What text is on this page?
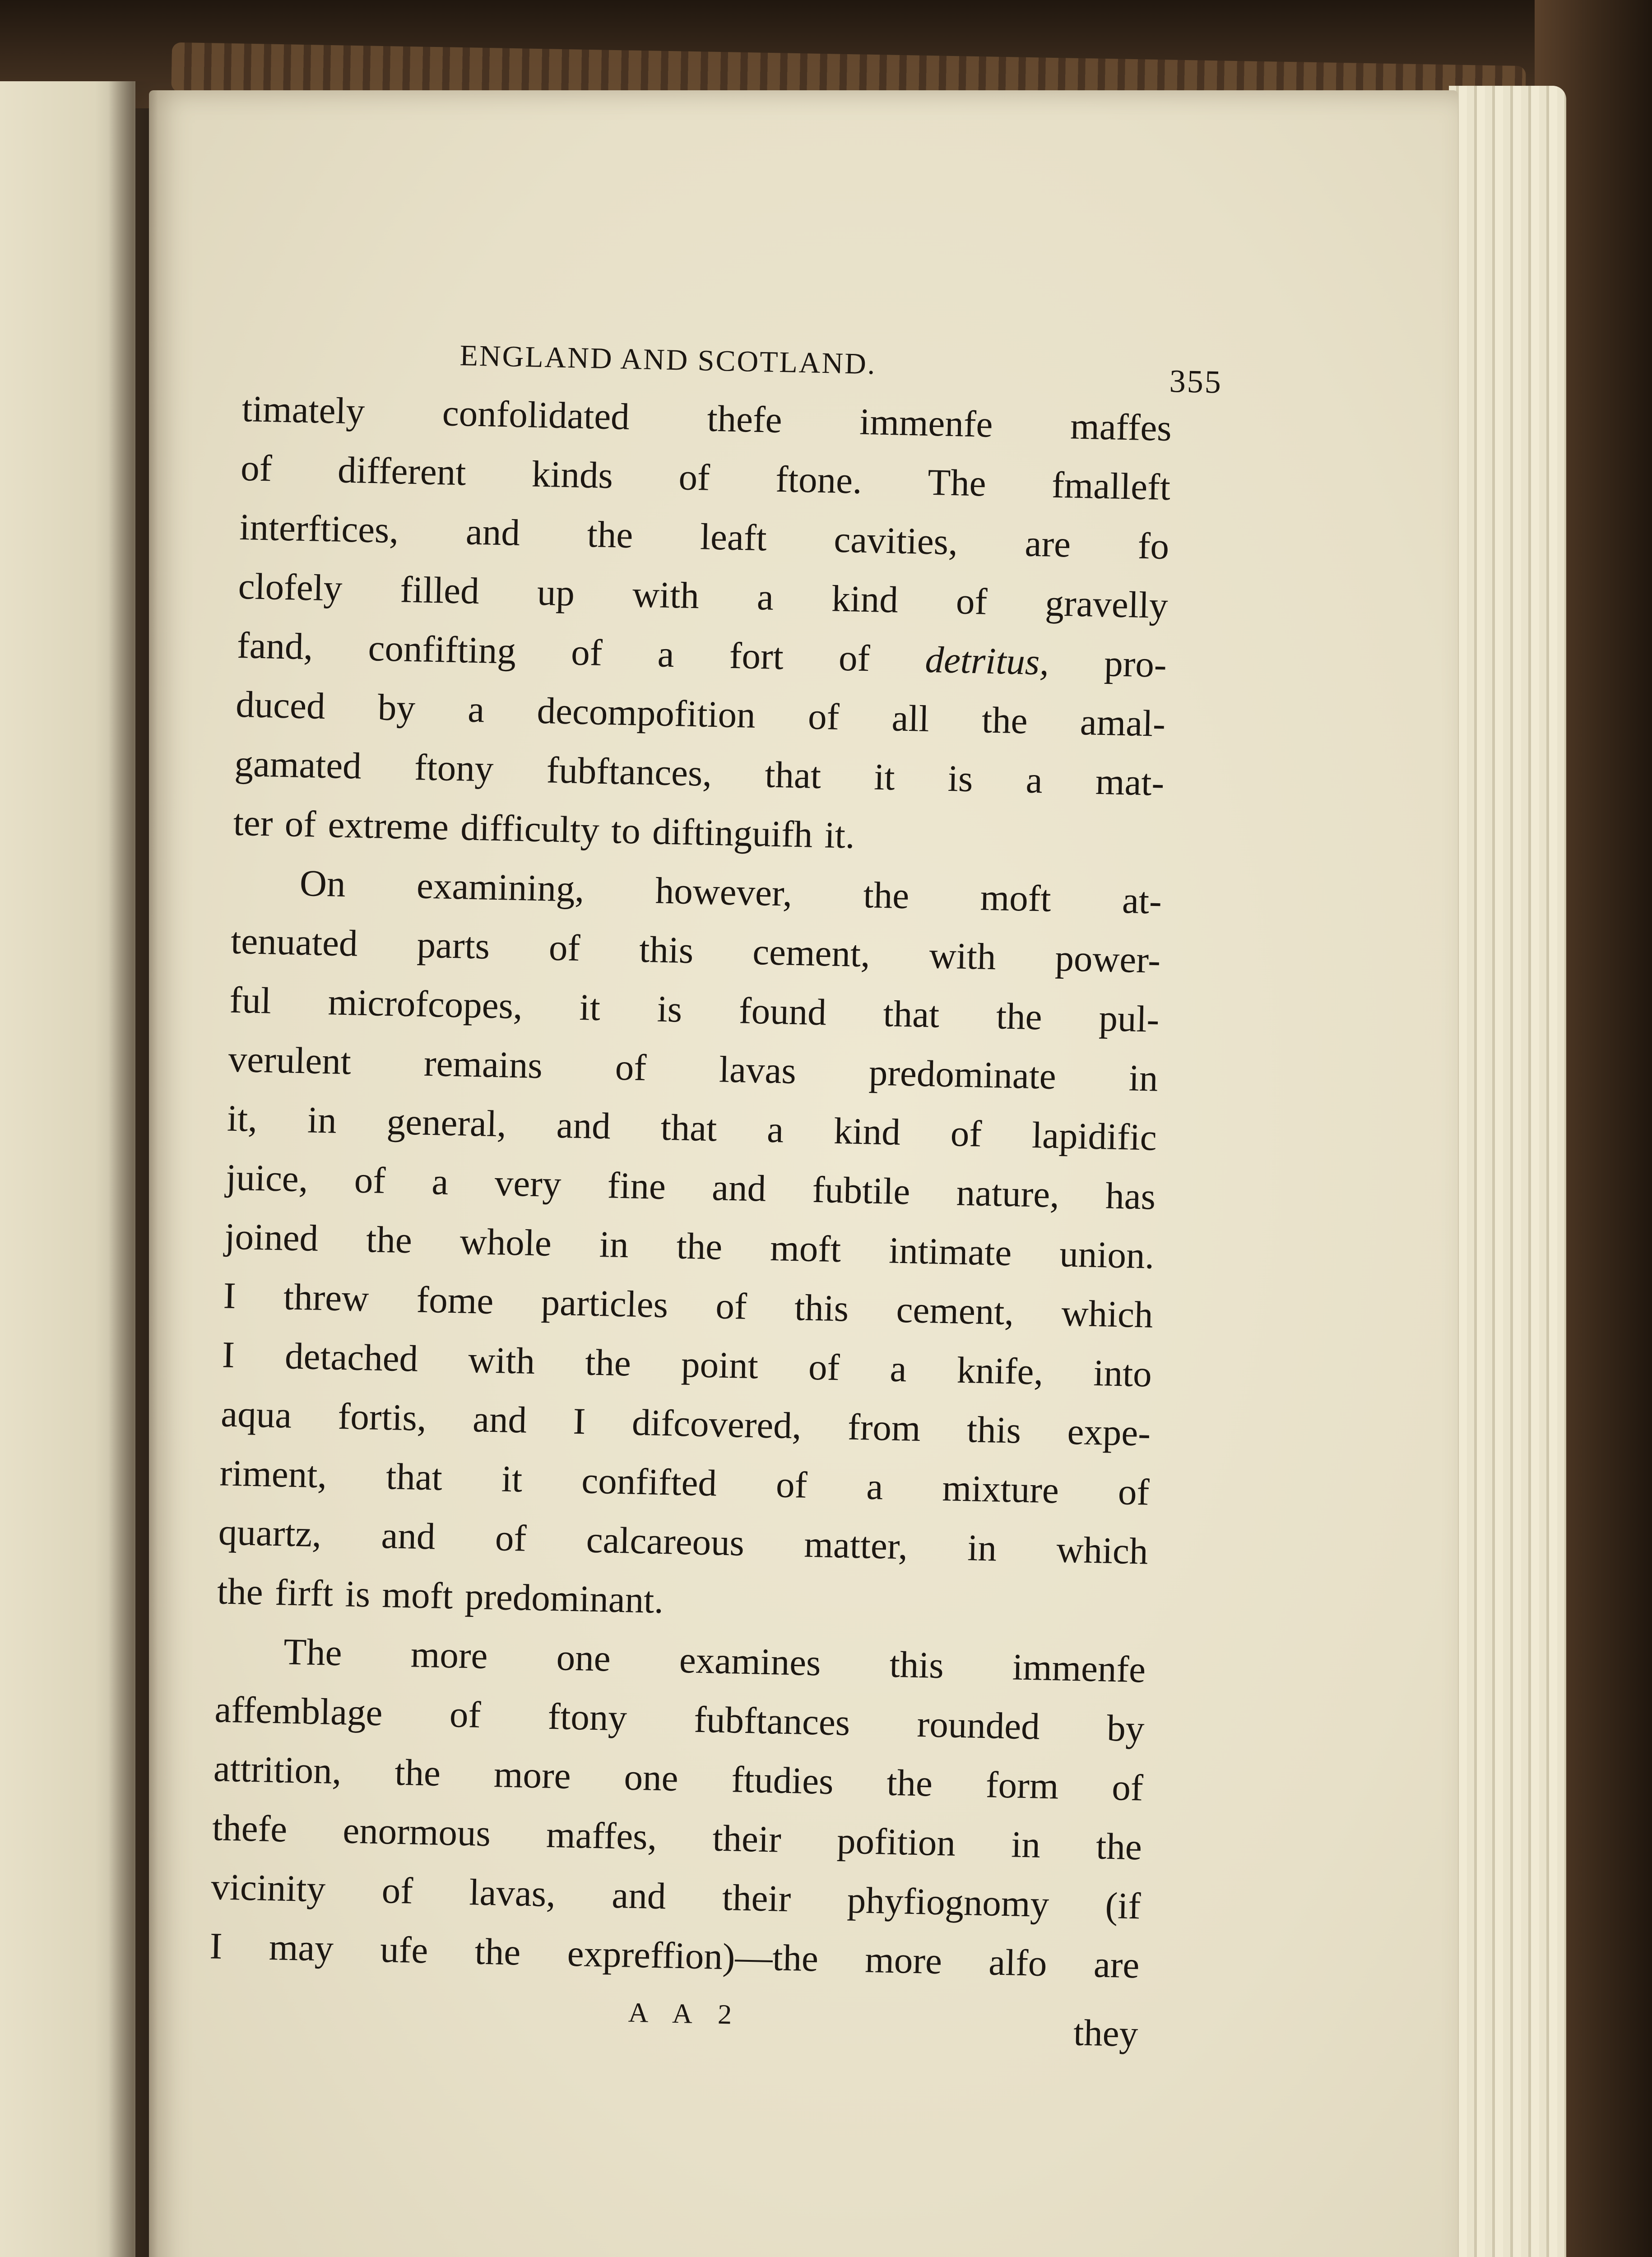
ENGLAND AND SCOTLAND.
355
timately confolidated thefe immenfe maffes
of different kinds of ftone. The fmalleft
interftices, and the leaft cavities, are fo
clofely filled up with a kind of gravelly
fand, confifting of a fort of detritus, pro-
duced by a decompofition of all the amal-
gamated ftony fubftances, that it is a mat-
ter of extreme difficulty to diftinguifh it.
On examining, however, the moft at-
tenuated parts of this cement, with power-
ful microfcopes, it is found that the pul-
verulent remains of lavas predominate in
it, in general, and that a kind of lapidific
juice, of a very fine and fubtile nature, has
joined the whole in the moft intimate union.
I threw fome particles of this cement, which
I detached with the point of a knife, into
aqua fortis, and I difcovered, from this expe-
riment, that it confifted of a mixture of
quartz, and of calcareous matter, in which
the firft is moft predominant.
The more one examines this immenfe
affemblage of ftony fubftances rounded by
attrition, the more one ftudies the form of
thefe enormous maffes, their pofition in the
vicinity of lavas, and their phyfiognomy (if
I may ufe the expreffion)—the more alfo are
A A 2	they
